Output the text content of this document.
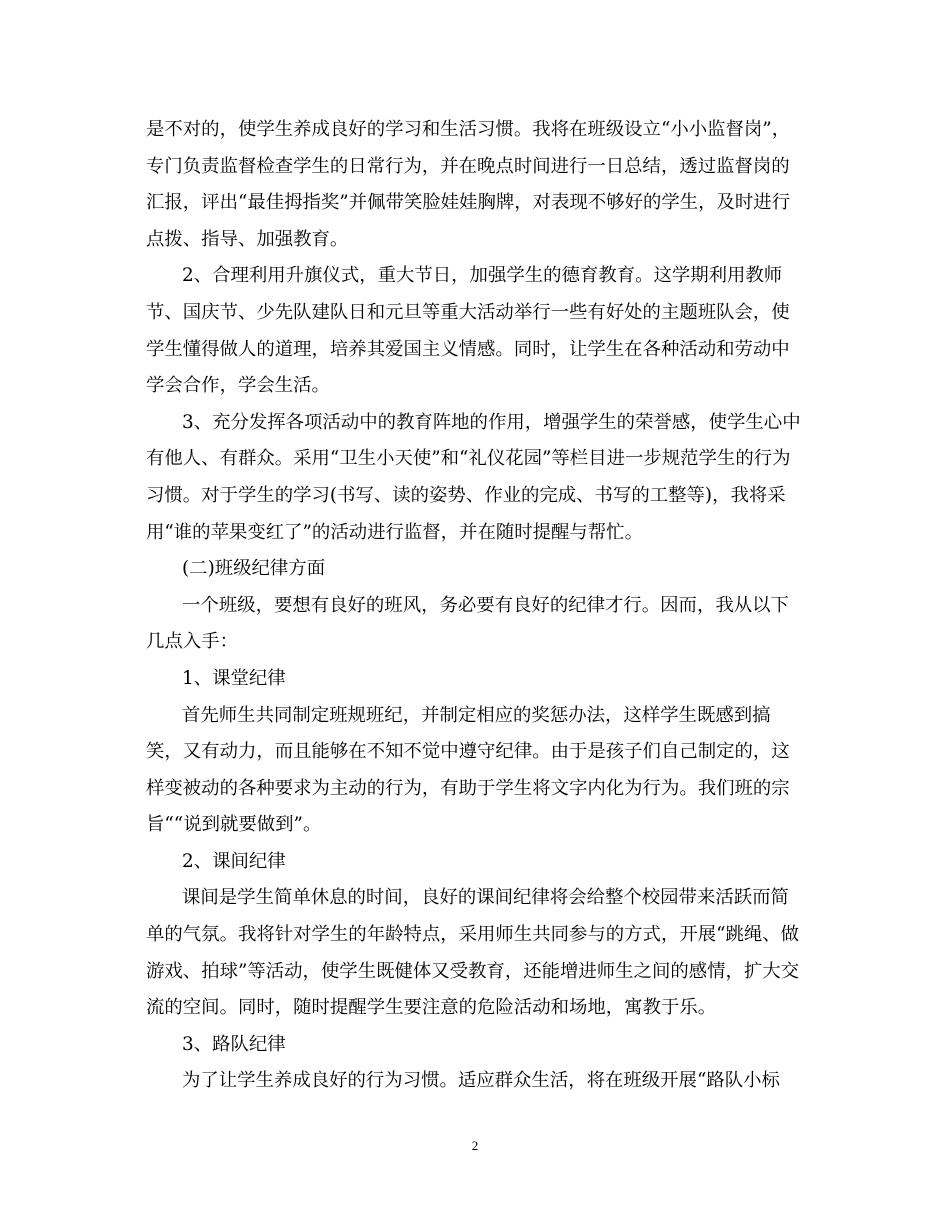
是不对的，使学生养成良好的学习和生活习惯。我将在班级设立“小小监督岗”，
专门负责监督检查学生的日常行为，并在晚点时间进行一日总结，透过监督岗的
汇报，评出“最佳拇指奖”并佩带笑脸娃娃胸牌，对表现不够好的学生，及时进行
点拨、指导、加强教育。
2、合理利用升旗仪式，重大节日，加强学生的德育教育。这学期利用教师
节、国庆节、少先队建队日和元旦等重大活动举行一些有好处的主题班队会，使
学生懂得做人的道理，培养其爱国主义情感。同时，让学生在各种活动和劳动中
学会合作，学会生活。
3、充分发挥各项活动中的教育阵地的作用，增强学生的荣誉感，使学生心中
有他人、有群众。采用“卫生小天使”和“礼仪花园”等栏目进一步规范学生的行为
习惯。对于学生的学习(书写、读的姿势、作业的完成、书写的工整等)，我将采
用“谁的苹果变红了”的活动进行监督，并在随时提醒与帮忙。
(二)班级纪律方面
一个班级，要想有良好的班风，务必要有良好的纪律才行。因而，我从以下
几点入手：
1、课堂纪律
首先师生共同制定班规班纪，并制定相应的奖惩办法，这样学生既感到搞
笑，又有动力，而且能够在不知不觉中遵守纪律。由于是孩子们自己制定的，这
样变被动的各种要求为主动的行为，有助于学生将文字内化为行为。我们班的宗
旨““说到就要做到”。
2、课间纪律
课间是学生简单休息的时间，良好的课间纪律将会给整个校园带来活跃而简
单的气氛。我将针对学生的年龄特点，采用师生共同参与的方式，开展“跳绳、做
游戏、拍球”等活动，使学生既健体又受教育，还能增进师生之间的感情，扩大交
流的空间。同时，随时提醒学生要注意的危险活动和场地，寓教于乐。
3、路队纪律
为了让学生养成良好的行为习惯。适应群众生活，将在班级开展“路队小标
2
